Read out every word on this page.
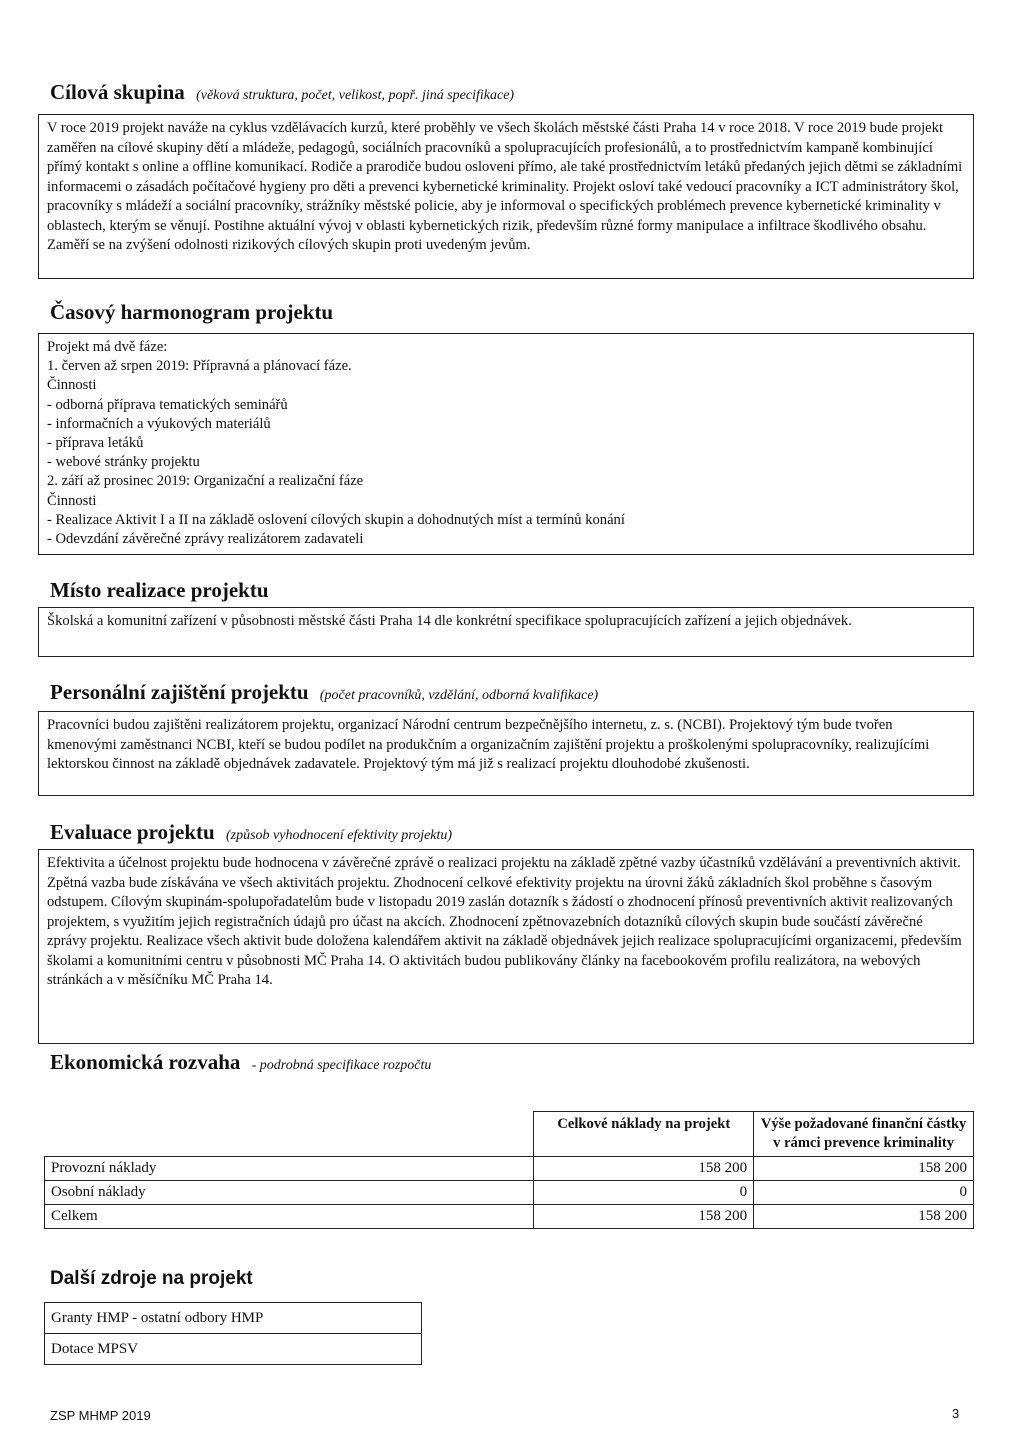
Cílová skupina (věková struktura, počet, velikost, popř. jiná specifikace)

V roce 2019 projekt naváže na cyklus vzdělávacích kurzů, které proběhly ve všech školách městské části Praha 14 v roce 2018. V roce 2019 bude projekt zaměřen na cílové skupiny dětí a mládeže, pedagogů, sociálních pracovníků a spolupracujících profesionálů, a to prostřednictvím kampaně kombinující přímý kontakt s online a offline komunikací. Rodiče a prarodiče budou osloveni přímo, ale také prostřednictvím letáků předaných jejich dětmi se základními informacemi o zásadách počítačové hygieny pro děti a prevenci kybernetické kriminality. Projekt osloví také vedoucí pracovníky a ICT administrátory škol, pracovníky s mládeží a sociální pracovníky, strážníky městské policie, aby je informoval o specifických problémech prevence kybernetické kriminality v oblastech, kterým se věnují. Postihne aktuální vývoj v oblasti kybernetických rizik, především různé formy manipulace a infiltrace škodlivého obsahu. Zaměří se na zvýšení odolnosti rizikových cílových skupin proti uvedeným jevům.

Časový harmonogram projektu
Projekt má dvě fáze:
1. červen až srpen 2019: Přípravná a plánovací fáze.
Činnosti
- odborná příprava tematických seminářů
- informačních a výukových materiálů
- příprava letáků
- webové stránky projektu
2. září až prosinec 2019: Organizační a realizační fáze
Činnosti
- Realizace Aktivit I a II na základě oslovení cílových skupin a dohodnutých míst a termínů konání
- Odevzdání závěrečné zprávy realizátorem zadavateli
Místo realizace projektu

Školská a komunitní zařízení v působnosti městské části Praha 14 dle konkrétní specifikace spolupracujících zařízení a jejich objednávek.

Personální zajištění projektu (počet pracovníků, vzdělání, odborná kvalifikace)

Pracovníci budou zajištěni realizátorem projektu, organizací Národní centrum bezpečnějšího internetu, z. s. (NCBI). Projektový tým bude tvořen kmenovými zaměstnanci NCBI, kteří se budou podílet na produkčním a organizačním zajištění projektu a proškolenými spolupracovníky, realizujícími lektorskou činnost na základě objednávek zadavatele. Projektový tým má již s realizací projektu dlouhodobé zkušenosti.

Evaluace projektu (způsob vyhodnocení efektivity projektu)

Efektivita a účelnost projektu bude hodnocena v závěrečné zprávě o realizaci projektu na základě zpětné vazby účastníků vzdělávání a preventivních aktivit. Zpětná vazba bude získávána ve všech aktivitách projektu. Zhodnocení celkové efektivity projektu na úrovni žáků základních škol proběhne s časovým odstupem. Cílovým skupinám-spolupořadatelům bude v listopadu 2019 zaslán dotazník s žádostí o zhodnocení přínosů preventivních aktivit realizovaných projektem, s využitím jejich registračních údajů pro účast na akcích. Zhodnocení zpětnovazebních dotazníků cílových skupin bude součástí závěrečné zprávy projektu. Realizace všech aktivit bude doložena kalendářem aktivit na základě objednávek jejich realizace spolupracujícími organizacemi, především školami a komunitními centru v působnosti MČ Praha 14. O aktivitách budou publikovány články na facebookovém profilu realizátora, na webových stránkách a v měsíčníku MČ Praha 14.

Ekonomická rozvaha - podrobná specifikace rozpočtu
	Celkové náklady na projekt	Výše požadované finanční částky v rámci prevence kriminality
Provozní náklady	158 200	158 200
Osobní náklady	0	0
Celkem	158 200	158 200
Další zdroje na projekt
Granty HMP - ostatní odbory HMP
Dotace MPSV
ZSP MHMP 2019	3
